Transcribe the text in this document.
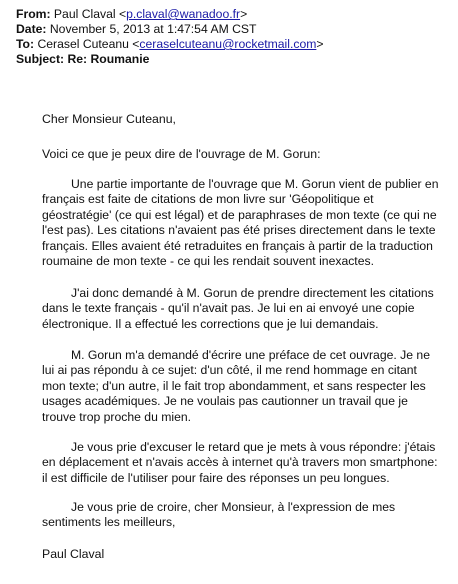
From: Paul Claval <p.claval@wanadoo.fr>
Date: November 5, 2013 at 1:47:54 AM CST
To: Cerasel Cuteanu <ceraselcuteanu@rocketmail.com>
Subject: Re: Roumanie
Cher Monsieur Cuteanu,
Voici ce que je peux dire de l'ouvrage de M. Gorun:

Une partie importante de l'ouvrage que M. Gorun vient de publier en français est faite de citations de mon livre sur 'Géopolitique et géostratégie' (ce qui est légal) et de paraphrases de mon texte (ce qui ne l'est pas). Les citations n'avaient pas été prises directement dans le texte français. Elles avaient été retraduites en français à partir de la traduction roumaine de mon texte - ce qui les rendait souvent inexactes.

J'ai donc demandé à M. Gorun de prendre directement les citations dans le texte français - qu'il n'avait pas. Je lui en ai envoyé une copie électronique. Il a effectué les corrections que je lui demandais.

M. Gorun m'a demandé d'écrire une préface de cet ouvrage. Je ne lui ai pas répondu à ce sujet: d'un côté, il me rend hommage en citant mon texte; d'un autre, il le fait trop abondamment, et sans respecter les usages académiques. Je ne voulais pas cautionner un travail que je trouve trop proche du mien.

Je vous prie d'excuser le retard que je mets à vous répondre: j'étais en déplacement et n'avais accès à internet qu'à travers mon smartphone: il est difficile de l'utiliser pour faire des réponses un peu longues.

Je vous prie de croire, cher Monsieur, à l'expression de mes sentiments les meilleurs,

Paul Claval
